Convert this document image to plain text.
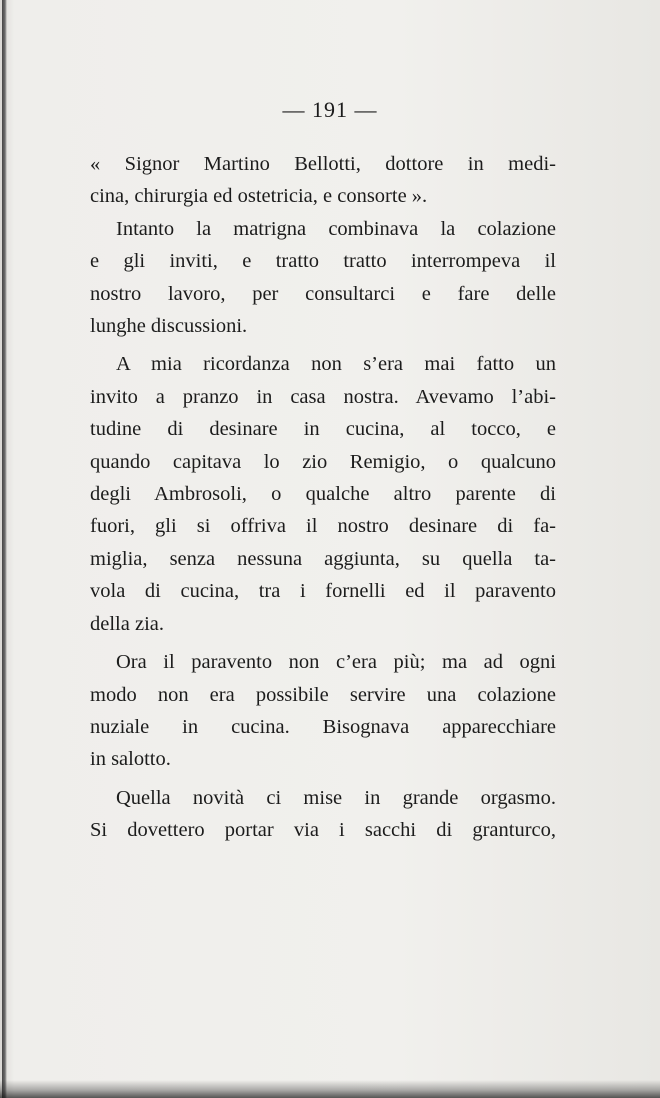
— 191 —

« Signor Martino Bellotti, dottore in medi-

cina, chirurgia ed ostetricia, e consorte ».

Intanto la matrigna combinava la colazione

e gli inviti, e tratto tratto interrompeva il

nostro lavoro, per consultarci e fare delle

lunghe discussioni.

A mia ricordanza non s’era mai fatto un

invito a pranzo in casa nostra. Avevamo l’abi-

tudine di desinare in cucina, al tocco, e

quando capitava lo zio Remigio, o qualcuno

degli Ambrosoli, o qualche altro parente di

fuori, gli si offriva il nostro desinare di fa-

miglia, senza nessuna aggiunta, su quella ta-

vola di cucina, tra i fornelli ed il paravento

della zia.

Ora il paravento non c’era più; ma ad ogni

modo non era possibile servire una colazione

nuziale in cucina. Bisognava apparecchiare

in salotto.

Quella novità ci mise in grande orgasmo.

Si dovettero portar via i sacchi di granturco,
